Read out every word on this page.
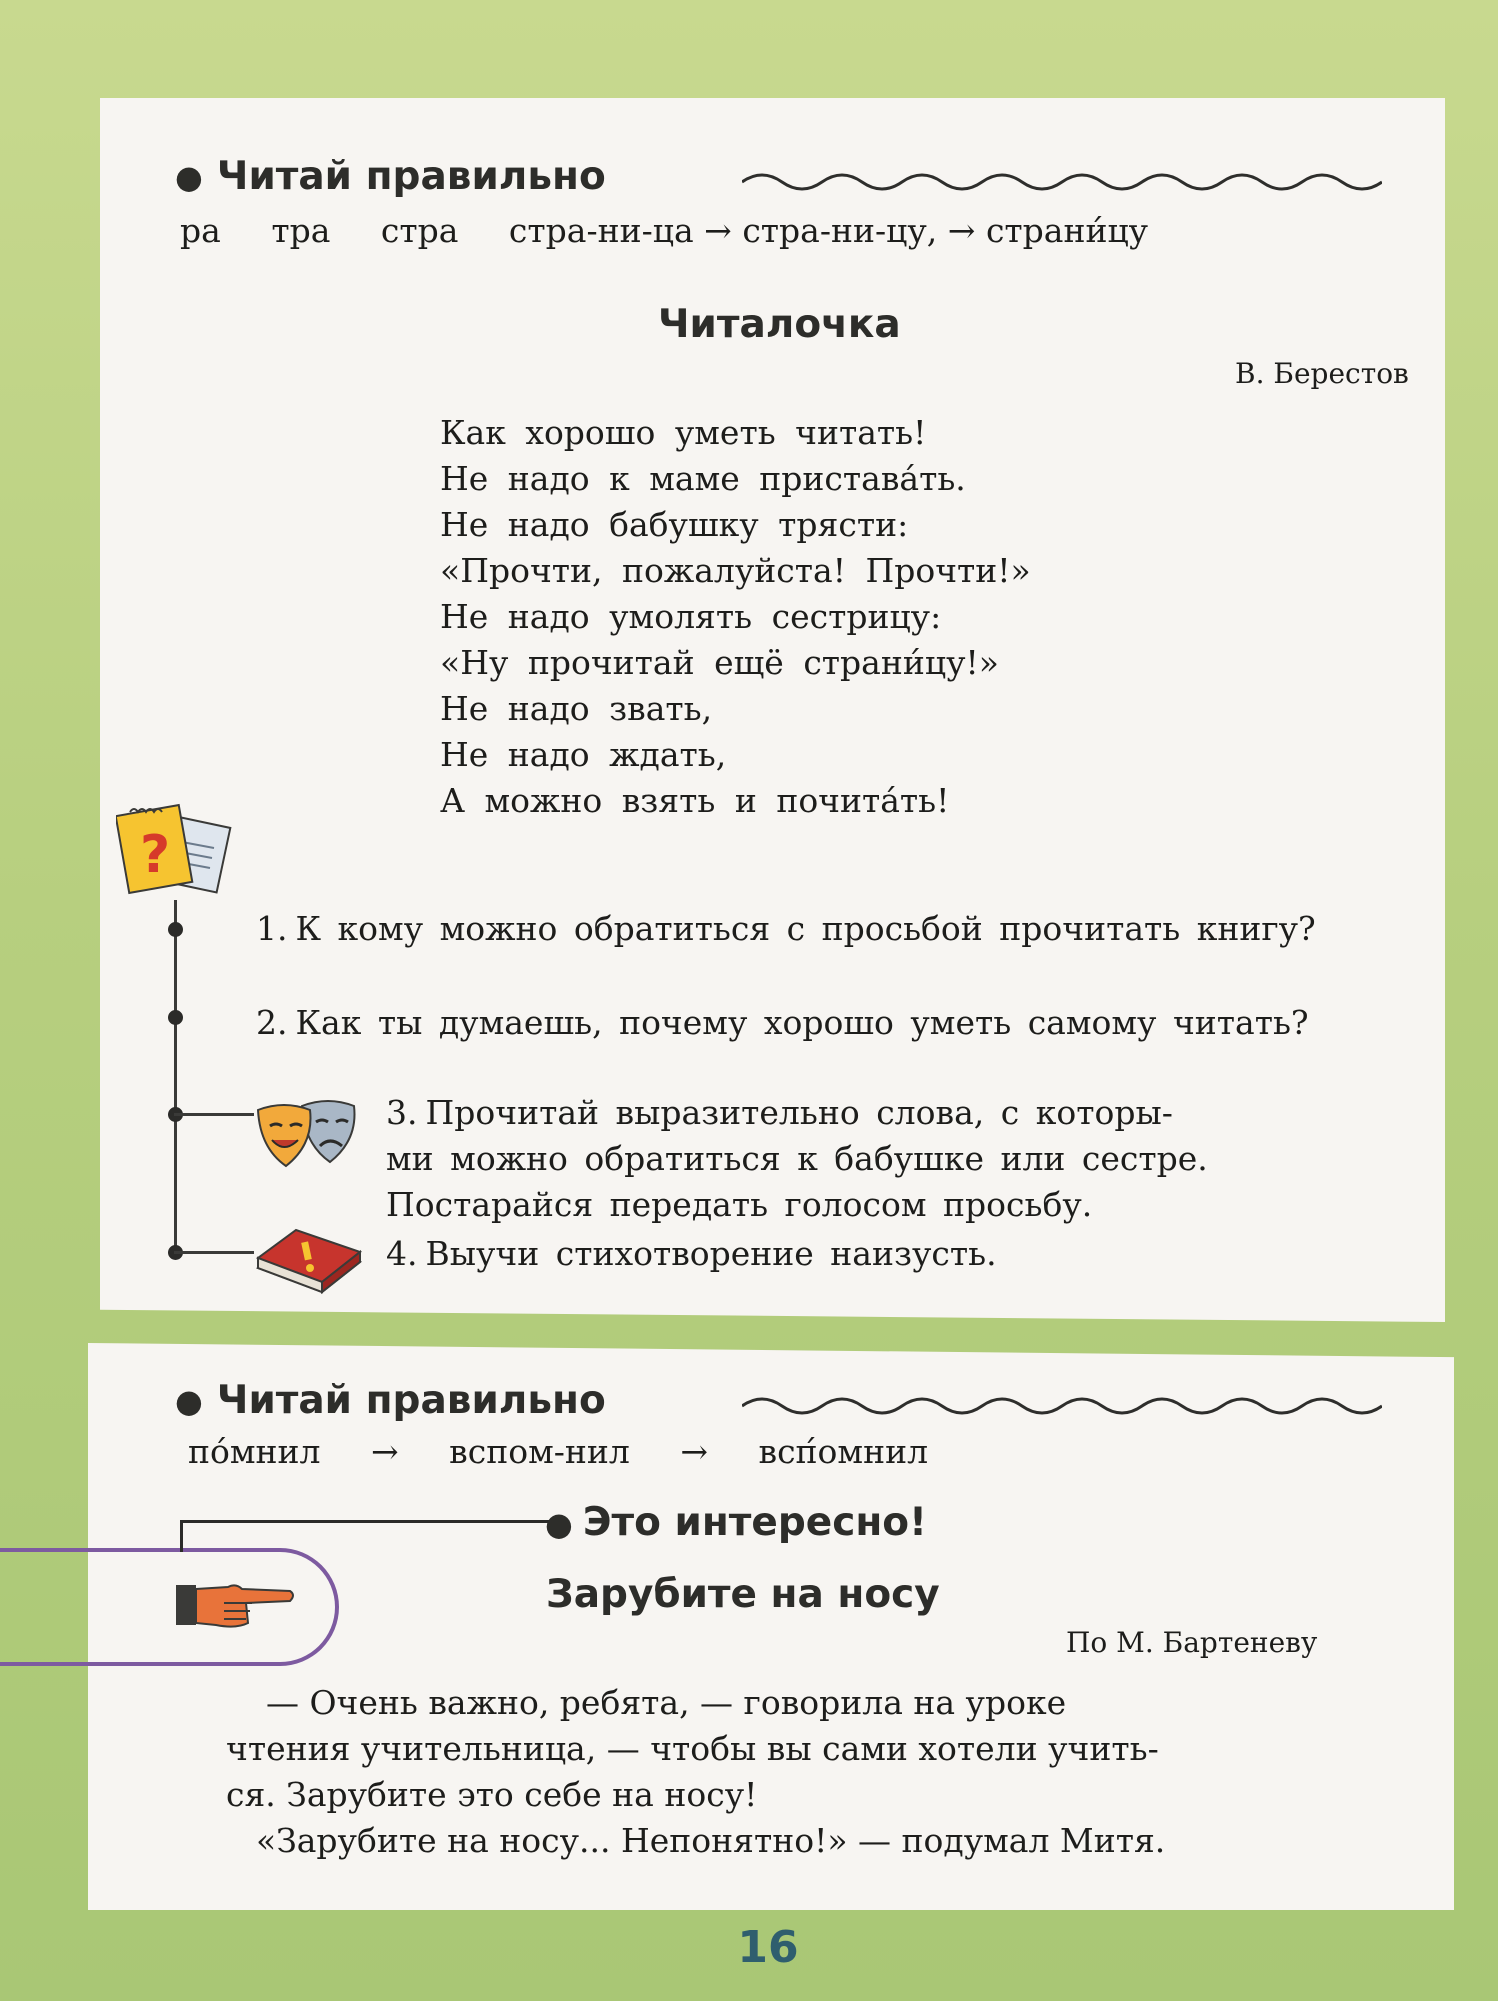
● Читай правильно
ра тра стра стра-ни-ца → стра-ни-цу, → страни́цу
Читалочка
В. Берестов
Как хорошо уметь читать!
Не надо к маме пристава́ть.
Не надо бабушку трясти:
«Прочти, пожалуйста! Прочти!»
Не надо умолять сестрицу:
«Ну прочитай ещё страни́цу!»
Не надо звать,
Не надо ждать,
А можно взять и почита́ть!
?
1. К кому можно обратиться с просьбой прочитать книгу?
2. Как ты думаешь, почему хорошо уметь самому читать?
3. Прочитай выразительно слова, с которы-
ми можно обратиться к бабушке или сестре.
Постарайся передать голосом просьбу.
4. Выучи стихотворение наизусть.
● Читай правильно
по́мнил → вспом-нил → всп́омнил
● Это интересно!
Зарубите на носу
По М. Бартеневу
— Очень важно, ребята, — говорила на уроке
чтения учительница, — чтобы вы сами хотели учить-
ся. Зарубите это себе на носу!
«Зарубите на носу... Непонятно!» — подумал Митя.
16
